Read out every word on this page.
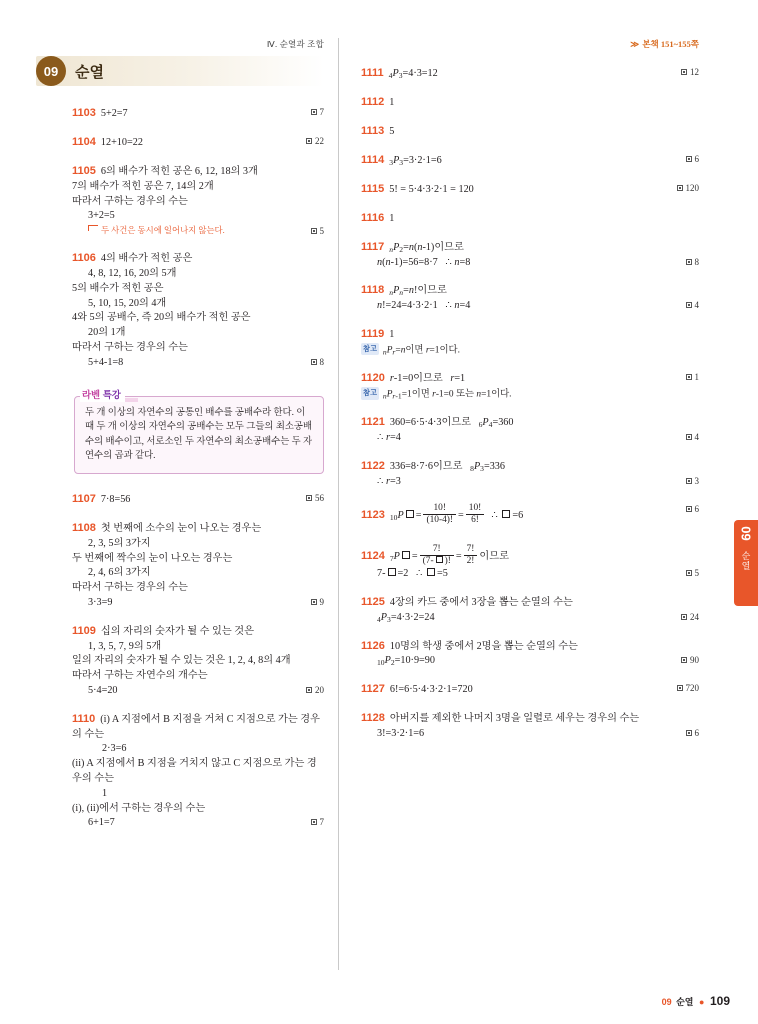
Ⅳ. 순열과 조합
09	순열
7
1103 5+2=7
22
1104 12+10=22
1105 6의 배수가 적힌 공은 6, 12, 18의 3개
7의 배수가 적힌 공은 7, 14의 2개
따라서 구하는 경우의 수는
3+2=5
두 사건은 동시에 일어나지 않는다.	5
1106 4의 배수가 적힌 공은
4, 8, 12, 16, 20의 5개
5의 배수가 적힌 공은
5, 10, 15, 20의 4개
4와 5의 공배수, 즉 20의 배수가 적힌 공은
20의 1개
따라서 구하는 경우의 수는
8
5+4-1=8
라벤 특강
두 개 이상의 자연수의 공통인 배수를 공배수라 한다. 이때 두 개 이상의 자연수의 공배수는 모두 그들의 최소공배수의 배수이고, 서로소인 두 자연수의 최소공배수는 두 자연수의 곱과 같다.
56
1107 7·8=56
1108 첫 번째에 소수의 눈이 나오는 경우는
2, 3, 5의 3가지
두 번째에 짝수의 눈이 나오는 경우는
2, 4, 6의 3가지
따라서 구하는 경우의 수는
9
3·3=9
1109 십의 자리의 숫자가 될 수 있는 것은
1, 3, 5, 7, 9의 5개
일의 자리의 숫자가 될 수 있는 것은 1, 2, 4, 8의 4개
따라서 구하는 자연수의 개수는
20
5·4=20
1110 (i) A 지점에서 B 지점을 거쳐 C 지점으로 가는 경우의 수는
2·3=6
(ii) A 지점에서 B 지점을 거치지 않고 C 지점으로 가는 경우의 수는
1
(i), (ii)에서 구하는 경우의 수는
7
6+1=7
≫ 본책 151~155쪽
12
1111 $_4P_3=4\cdot 3=12$
1112 1
1113 5
6
1114 $_3P_3=3\cdot 2\cdot 1=6$
120
1115 5! = 5·4·3·2·1 = 120
1116 1
1117 $_nP_2=n(n-1)$이므로
8
n(n-1)=56=8·7   ∴ n=8
1118 $_nP_n=n$!이므로
4
n!=24=4·3·2·1   ∴ n=4
1119 1
참고 $_nP_r=n$이면 r=1이다.
1
1120 r-1=0이므로   r=1
참고 $_nP_{r-1}=1$이면 r-1=0 또는 n=1이다.
1121 360=6·5·4·3이므로   $_6P_4=360$
4
∴ r=4
1122 336=8·7·6이므로   $_8P_3=336$
3
∴ r=3
6
1123 $_{10}P = \frac{10!}{(10-4)!} = \frac{10!}{6!}$ ∴ =6
1124 $_7P = \frac{7!}{(7- )!} = \frac{7!}{2!}$ 이므로
5
7- =2   ∴ =5
1125 4장의 카드 중에서 3장을 뽑는 순열의 수는
24
$_4P_3=4\cdot 3\cdot 2=24$
1126 10명의 학생 중에서 2명을 뽑는 순열의 수는
90
$_{10}P_2=10\cdot 9=90$
720
1127 6!=6·5·4·3·2·1=720
1128 아버지를 제외한 나머지 3명을 일렬로 세우는 경우의 수는
6
3!=3·2·1=6
09
순열
09 순열 ● 109
